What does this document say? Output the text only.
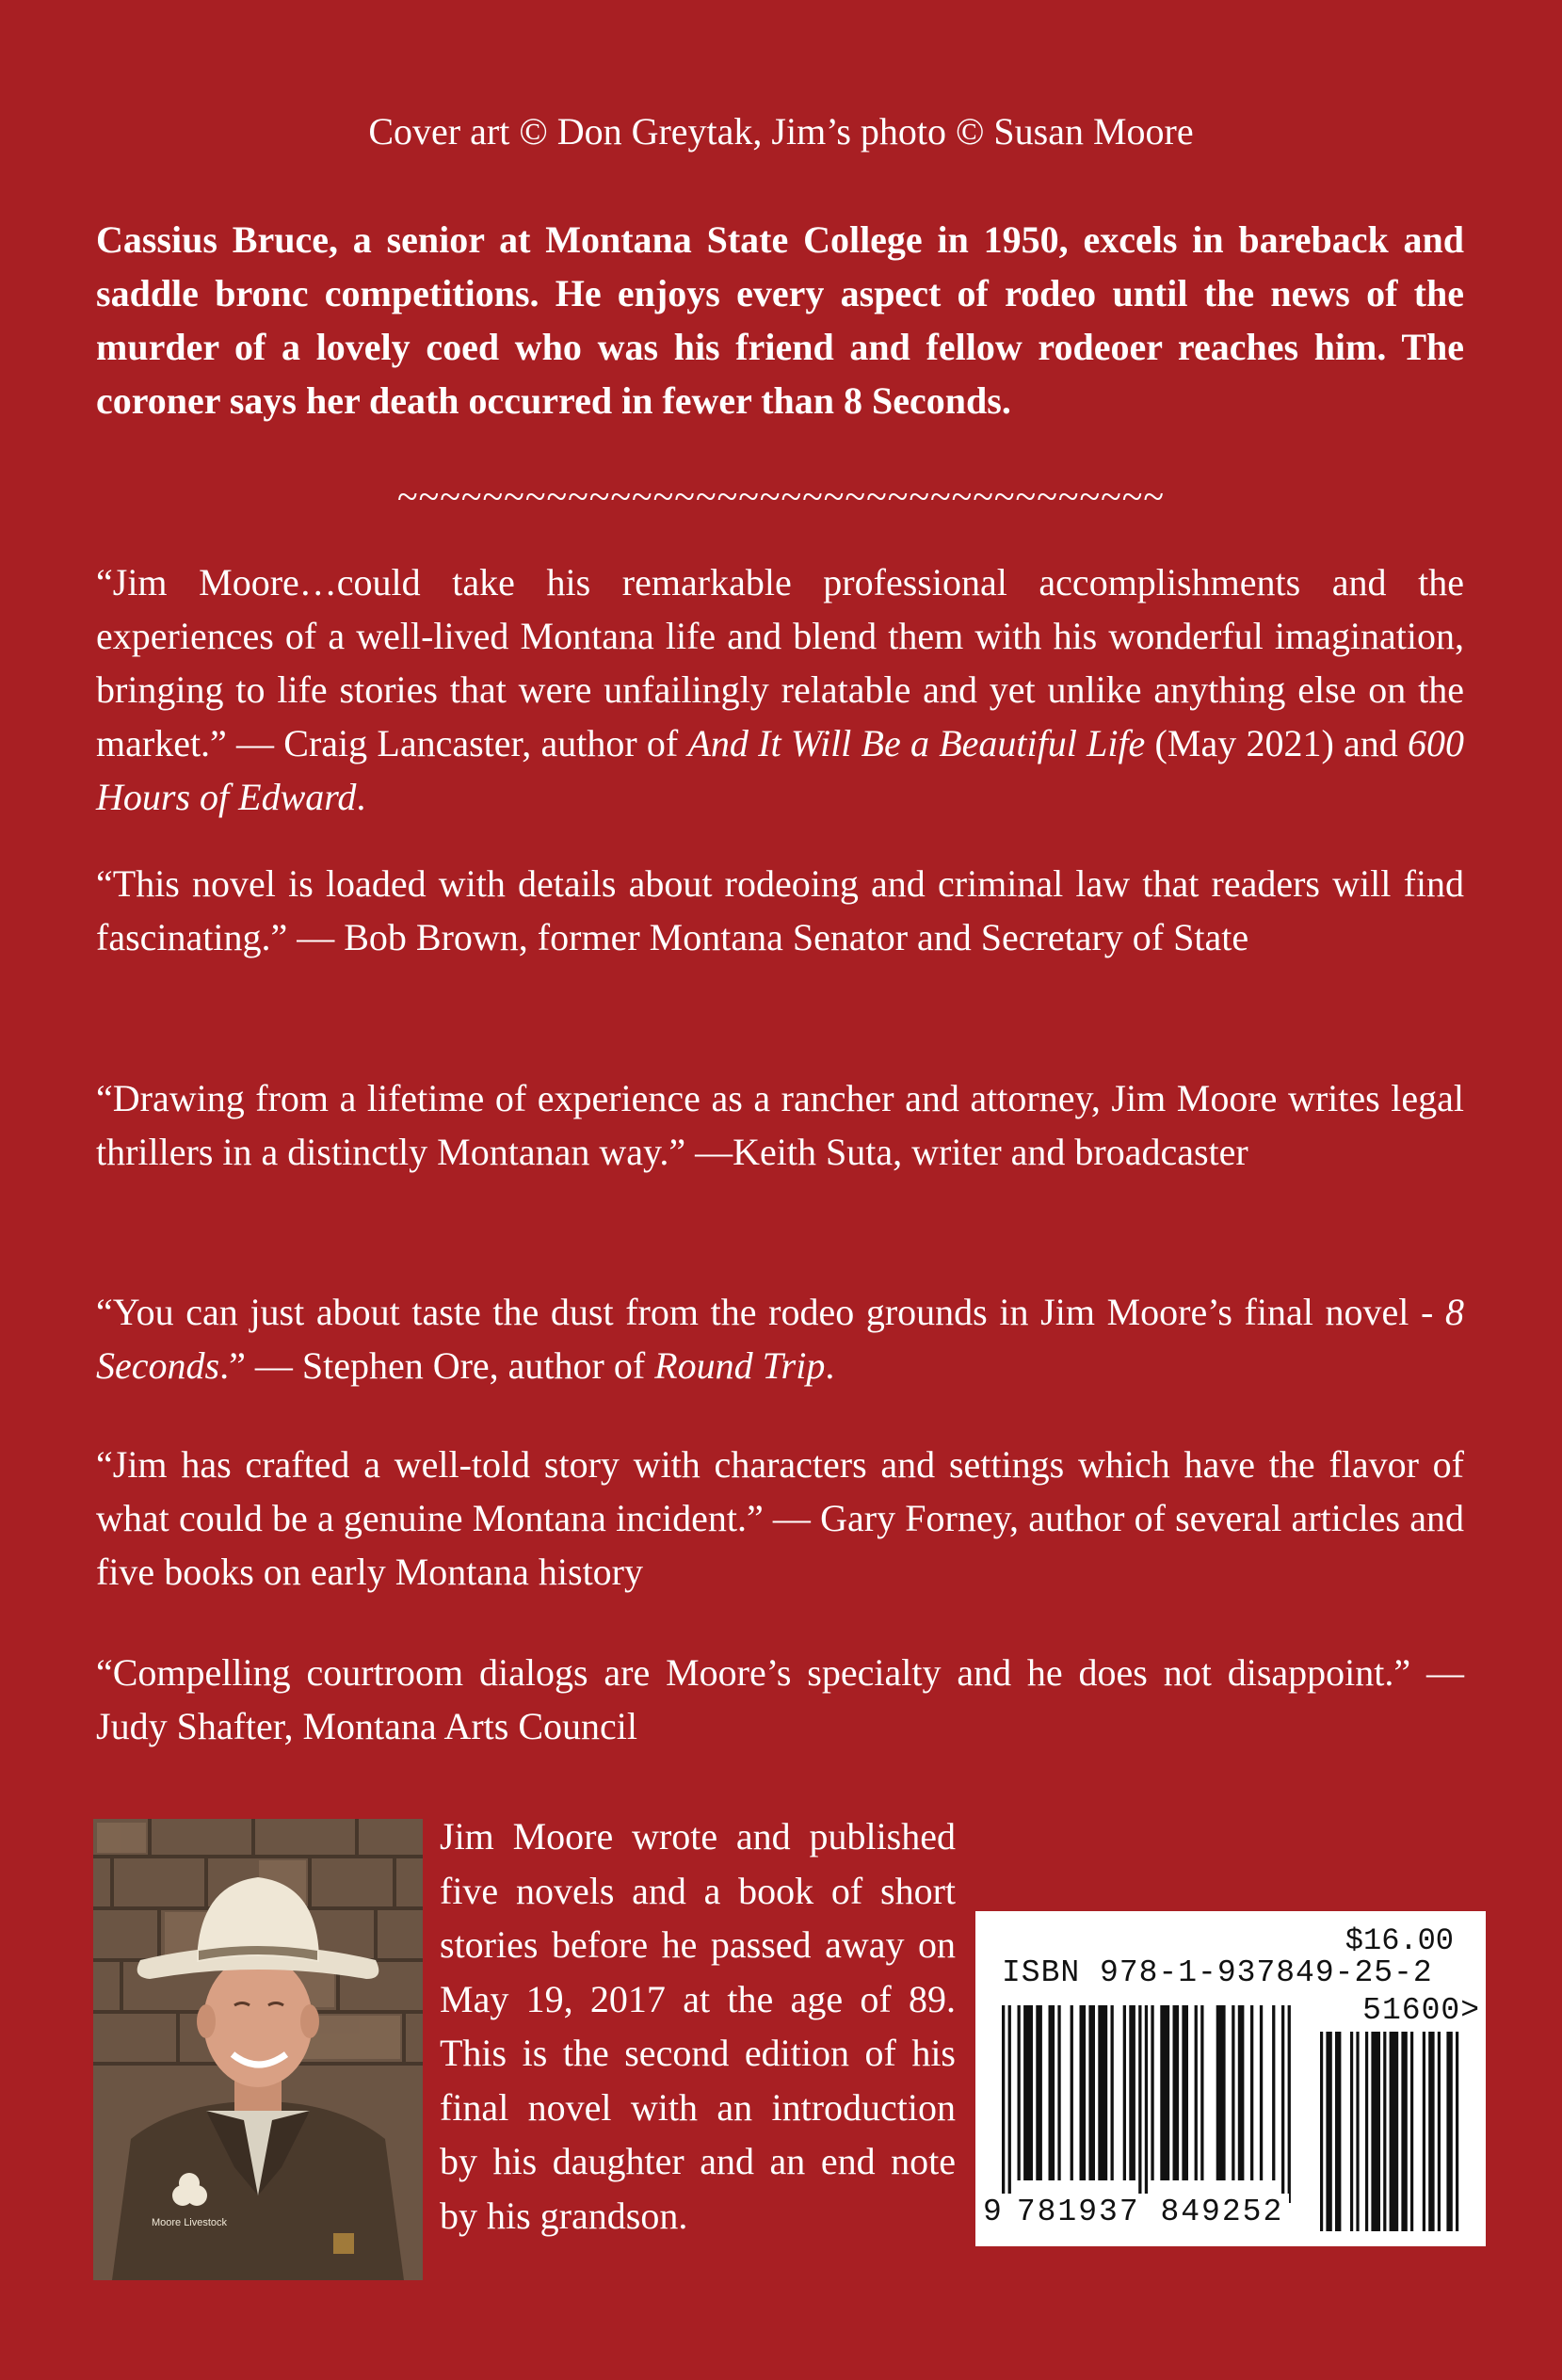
Cover art © Don Greytak, Jim’s photo © Susan Moore

Cassius Bruce, a senior at Montana State College in 1950, excels in bareback and saddle bronc competitions. He enjoys every aspect of rodeo until the news of the murder of a lovely coed who was his friend and fellow rodeoer reaches him. The coroner says her death occurred in fewer than 8 Seconds.

~~~~~~~~~~~~~~~~~~~~~~~~~~~~~~~~~~~~

“Jim Moore…could take his remarkable professional accomplishments and the experiences of a well-lived Montana life and blend them with his wonderful imagination, bringing to life stories that were unfailingly relatable and yet unlike anything else on the market.” — Craig Lancaster, author of And It Will Be a Beautiful Life (May 2021) and 600 Hours of Edward.

“This novel is loaded with details about rodeoing and criminal law that readers will find fascinating.” — Bob Brown, former Montana Senator and Secretary of State

“Drawing from a lifetime of experience as a rancher and attorney, Jim Moore writes legal thrillers in a distinctly Montanan way.” —Keith Suta, writer and broadcaster

“You can just about taste the dust from the rodeo grounds in Jim Moore’s final novel - 8 Seconds.” — Stephen Ore, author of Round Trip.

“Jim has crafted a well-told story with characters and settings which have the flavor of what could be a genuine Montana incident.” — Gary Forney, author of several articles and five books on early Montana history

“Compelling courtroom dialogs are Moore’s specialty and he does not disappoint.” — Judy Shafter, Montana Arts Council

Moore Livestock

Jim Moore wrote and published five novels and a book of short stories before he passed away on May 19, 2017 at the age of 89. This is the second edition of his final novel with an introduction by his daughter and an end note by his grandson.

$16.00
ISBN 978-1-937849-25-2
51600>
9 781937 849252
